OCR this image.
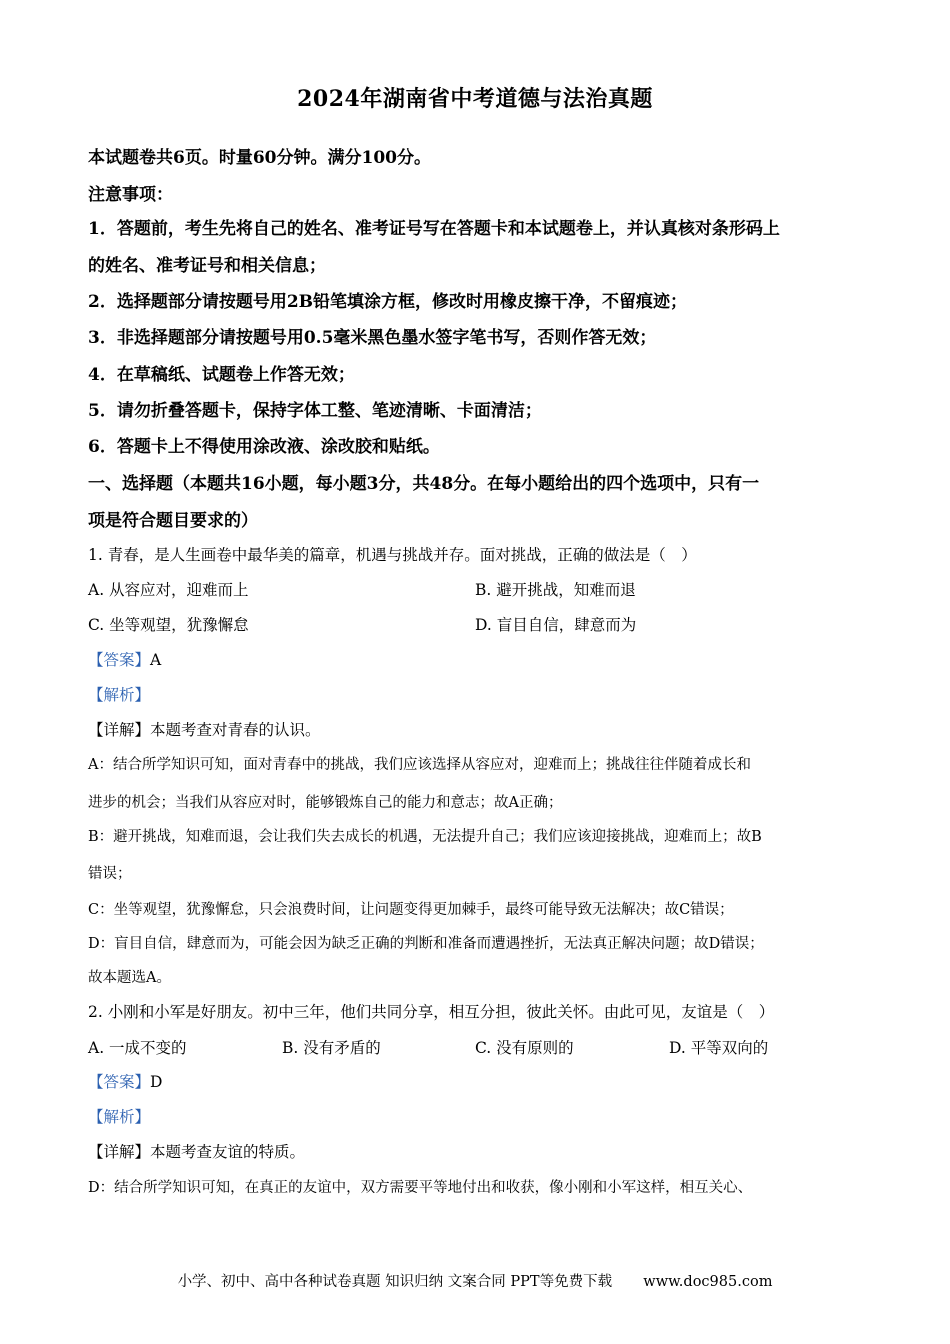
2024年湖南省中考道德与法治真题
本试题卷共6页。时量60分钟。满分100分。
注意事项：
1．答题前，考生先将自己的姓名、准考证号写在答题卡和本试题卷上，并认真核对条形码上
的姓名、准考证号和相关信息；
2．选择题部分请按题号用2B铅笔填涂方框，修改时用橡皮擦干净，不留痕迹；
3．非选择题部分请按题号用0.5毫米黑色墨水签字笔书写，否则作答无效；
4．在草稿纸、试题卷上作答无效；
5．请勿折叠答题卡，保持字体工整、笔迹清晰、卡面清洁；
6．答题卡上不得使用涂改液、涂改胶和贴纸。
一、选择题（本题共16小题，每小题3分，共48分。在每小题给出的四个选项中，只有一
项是符合题目要求的）
1. 青春，是人生画卷中最华美的篇章，机遇与挑战并存。面对挑战，正确的做法是（　）
A. 从容应对，迎难而上	B. 避开挑战，知难而退
C. 坐等观望，犹豫懈怠	D. 盲目自信，肆意而为
【答案】A
【解析】
【详解】本题考查对青春的认识。
A：结合所学知识可知，面对青春中的挑战，我们应该选择从容应对，迎难而上；挑战往往伴随着成长和
进步的机会；当我们从容应对时，能够锻炼自己的能力和意志；故A正确；
B：避开挑战，知难而退，会让我们失去成长的机遇，无法提升自己；我们应该迎接挑战，迎难而上；故B
错误；
C：坐等观望，犹豫懈怠，只会浪费时间，让问题变得更加棘手，最终可能导致无法解决；故C错误；
D：盲目自信，肆意而为，可能会因为缺乏正确的判断和准备而遭遇挫折，无法真正解决问题；故D错误；
故本题选A。
2. 小刚和小军是好朋友。初中三年，他们共同分享，相互分担，彼此关怀。由此可见，友谊是（　）
A. 一成不变的	B. 没有矛盾的	C. 没有原则的	D. 平等双向的
【答案】D
【解析】
【详解】本题考查友谊的特质。
D：结合所学知识可知，在真正的友谊中，双方需要平等地付出和收获，像小刚和小军这样，相互关心、
小学、初中、高中各种试卷真题 知识归纳 文案合同 PPT等免费下载 www.doc985.com
